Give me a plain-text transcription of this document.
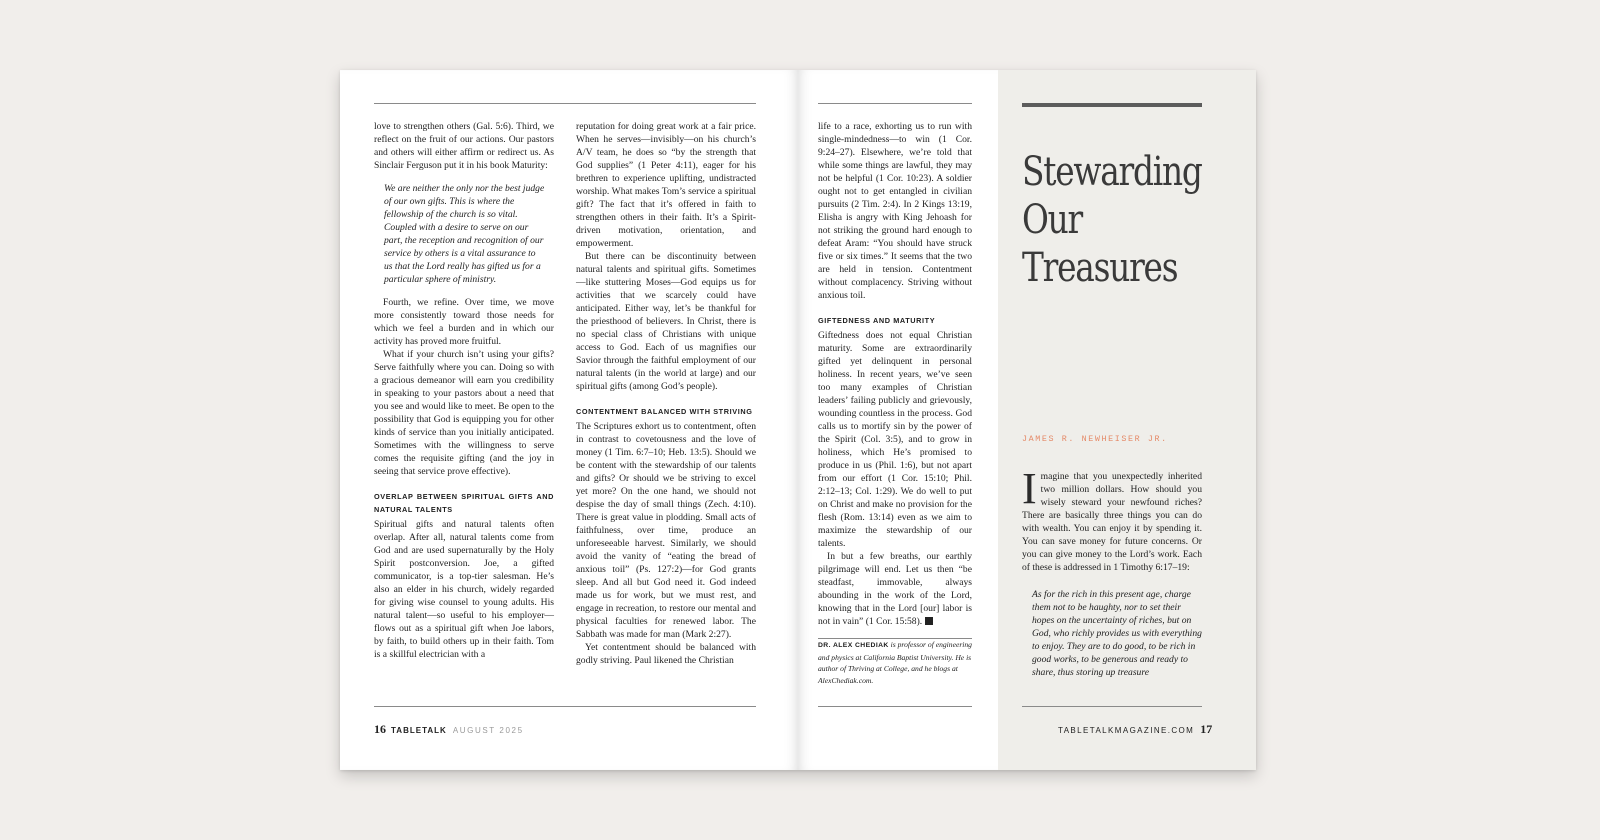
love to strengthen others (Gal. 5:6). Third, we reflect on the fruit of our actions. Our pastors and others will either affirm or redirect us. As Sinclair Ferguson put it in his book Maturity:

We are neither the only nor the best judge of our own gifts. This is where the fellowship of the church is so vital. Coupled with a desire to serve on our part, the reception and recognition of our service by others is a vital assurance to us that the Lord really has gifted us for a particular sphere of ministry.

Fourth, we refine. Over time, we move more consistently toward those needs for which we feel a burden and in which our activity has proved more fruitful.

What if your church isn’t using your gifts? Serve faithfully where you can. Doing so with a gracious demeanor will earn you credibility in speaking to your pastors about a need that you see and would like to meet. Be open to the possibility that God is equipping you for other kinds of service than you initially anticipated. Sometimes with the willingness to serve comes the requisite gifting (and the joy in seeing that service prove effective).

OVERLAP BETWEEN SPIRITUAL GIFTS AND NATURAL TALENTS

Spiritual gifts and natural talents often overlap. After all, natural talents come from God and are used supernaturally by the Holy Spirit postconversion. Joe, a gifted communicator, is a top-tier salesman. He’s also an elder in his church, widely regarded for giving wise counsel to young adults. His natural talent—so useful to his employer—flows out as a spiritual gift when Joe labors, by faith, to build others up in their faith. Tom is a skillful electrician with a

reputation for doing great work at a fair price. When he serves—invisibly—on his church’s A/V team, he does so “by the strength that God supplies” (1 Peter 4:11), eager for his brethren to experience uplifting, undistracted worship. What makes Tom’s service a spiritual gift? The fact that it’s offered in faith to strengthen others in their faith. It’s a Spirit-driven motivation, orientation, and empowerment.

But there can be discontinuity between natural talents and spiritual gifts. Sometimes—like stuttering Moses—God equips us for activities that we scarcely could have anticipated. Either way, let’s be thankful for the priesthood of believers. In Christ, there is no special class of Christians with unique access to God. Each of us magnifies our Savior through the faithful employment of our natural talents (in the world at large) and our spiritual gifts (among God’s people).

CONTENTMENT BALANCED WITH STRIVING

The Scriptures exhort us to contentment, often in contrast to covetousness and the love of money (1 Tim. 6:7–10; Heb. 13:5). Should we be content with the stewardship of our talents and gifts? Or should we be striving to excel yet more? On the one hand, we should not despise the day of small things (Zech. 4:10). There is great value in plodding. Small acts of faithfulness, over time, produce an unforeseeable harvest. Similarly, we should avoid the vanity of “eating the bread of anxious toil” (Ps. 127:2)—for God grants sleep. And all but God need it. God indeed made us for work, but we must rest, and engage in recreation, to restore our mental and physical faculties for renewed labor. The Sabbath was made for man (Mark 2:27).

Yet contentment should be balanced with godly striving. Paul likened the Christian

16 TABLETALK AUGUST 2025

life to a race, exhorting us to run with single-mindedness—to win (1 Cor. 9:24–27). Elsewhere, we’re told that while some things are lawful, they may not be helpful (1 Cor. 10:23). A soldier ought not to get entangled in civilian pursuits (2 Tim. 2:4). In 2 Kings 13:19, Elisha is angry with King Jehoash for not striking the ground hard enough to defeat Aram: “You should have struck five or six times.” It seems that the two are held in tension. Contentment without complacency. Striving without anxious toil.

GIFTEDNESS AND MATURITY

Giftedness does not equal Christian maturity. Some are extraordinarily gifted yet delinquent in personal holiness. In recent years, we’ve seen too many examples of Christian leaders’ failing publicly and grievously, wounding countless in the process. God calls us to mortify sin by the power of the Spirit (Col. 3:5), and to grow in holiness, which He’s promised to produce in us (Phil. 1:6), but not apart from our effort (1 Cor. 15:10; Phil. 2:12–13; Col. 1:29). We do well to put on Christ and make no provision for the flesh (Rom. 13:14) even as we aim to maximize the stewardship of our talents.

In but a few breaths, our earthly pilgrimage will end. Let us then “be steadfast, immovable, always abounding in the work of the Lord, knowing that in the Lord [our] labor is not in vain” (1 Cor. 15:58).

DR. ALEX CHEDIAK is professor of engineering and physics at California Baptist University. He is author of Thriving at College, and he blogs at AlexChediak.com.

Stewarding Our Treasures
JAMES R. NEWHEISER JR.
I magine that you unexpectedly inherited two million dollars. How should you wisely steward your newfound riches? There are basically three things you can do with wealth. You can enjoy it by spending it. You can save money for future concerns. Or you can give money to the Lord’s work. Each of these is addressed in 1 Timothy 6:17–19:

As for the rich in this present age, charge them not to be haughty, nor to set their hopes on the uncertainty of riches, but on God, who richly provides us with everything to enjoy. They are to do good, to be rich in good works, to be generous and ready to share, thus storing up treasure

TABLETALKMAGAZINE.COM 17
